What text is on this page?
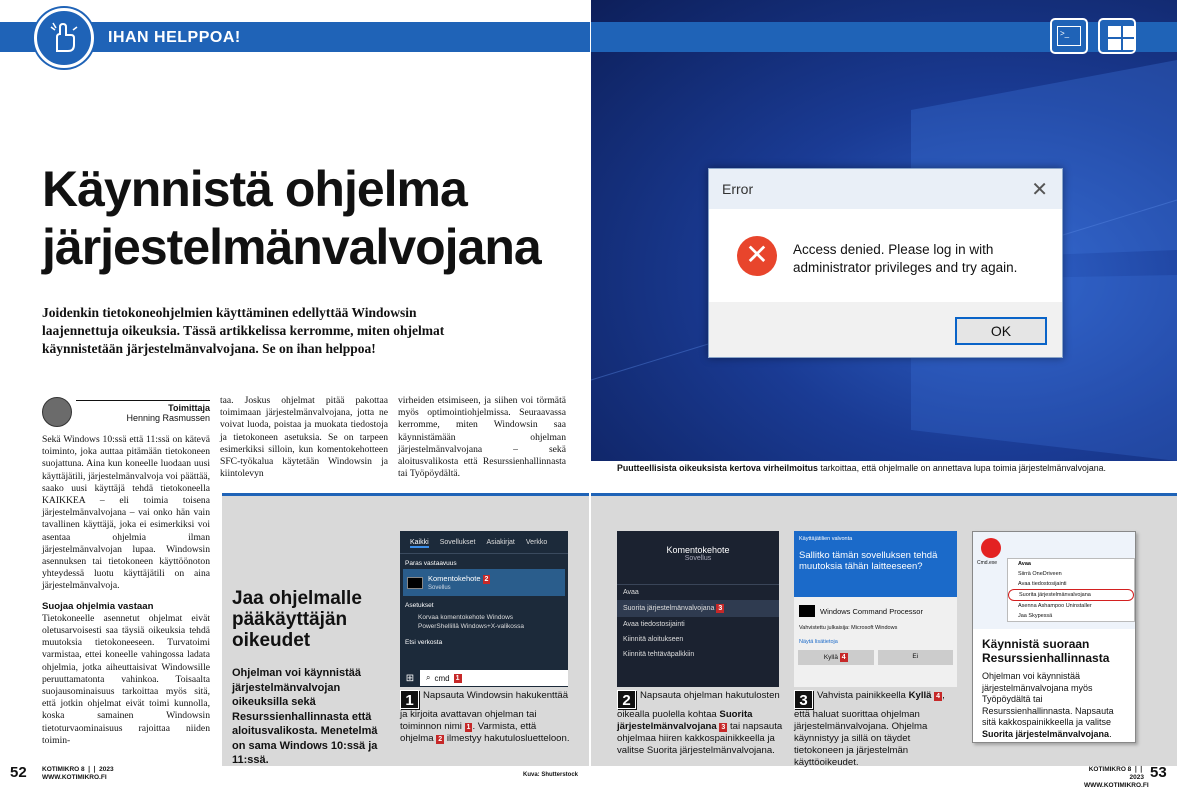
IHAN HELPPOA!
Käynnistä ohjelma
järjestelmänvalvojana
Joidenkin tietokoneohjelmien käyttäminen edellyttää Windowsin laajennettuja oikeuksia. Tässä artikkelissa kerromme, miten ohjelmat käynnistetään järjestelmänvalvojana. Se on ihan helppoa!
Toimittaja
Henning Rasmussen

Sekä Windows 10:ssä että 11:ssä on kätevä toiminto, joka auttaa pitämään tietokoneen suojattuna. Aina kun koneelle luodaan uusi käyttäjätili, järjestelmänvalvoja voi päättää, saako uusi käyttäjä tehdä tietokoneella KAIKKEA – eli toimia toisena järjestelmänvalvojana – vai onko hän vain tavallinen käyttäjä, joka ei esimerkiksi voi asentaa ohjelmia ilman järjestelmänvalvojan lupaa. Windowsin asennuksen tai tietokoneen käyttöönoton yhteydessä luotu käyttäjätili on aina järjestelmänvalvoja.

Suojaa ohjelmia vastaan

Tietokoneelle asennetut ohjelmat eivät oletusarvoisesti saa täysiä oikeuksia tehdä muutoksia tietokoneeseen. Turvatoimi varmistaa, ettei koneelle vahingossa ladata ohjelmia, jotka aiheuttaisivat Windowsille peruuttamatonta vahinkoa. Toisaalta suojausominaisuus tarkoittaa myös sitä, että jotkin ohjelmat eivät toimi kunnolla, koska samainen Windowsin tietoturvaominaisuus rajoittaa niiden toimin-

taa. Joskus ohjelmat pitää pakottaa toimimaan järjestelmänvalvojana, jotta ne voivat luoda, poistaa ja muokata tiedostoja ja tietokoneen asetuksia. Se on tarpeen esimerkiksi silloin, kun komentokehotteen SFC-työkalua käytetään Windowsin ja kiintolevyn
virheiden etsimiseen, ja siihen voi törmätä myös optimointiohjelmissa. Seuraavassa kerromme, miten Windowsin saa käynnistämään ohjelman järjestelmänvalvojana – sekä aloitusvalikosta että Resurssienhallinnasta tai Työpöydältä.
Jaa ohjelmalle pääkäyttäjän oikeudet
Ohjelman voi käynnistää järjestelmänvalvojan oikeuksilla sekä Resurssienhallinnasta että aloitusvalikosta. Menetelmä on sama Windows 10:ssä ja 11:ssä.
Kaikki Sovellukset Asiakirjat Verkko
Paras vastaavuus
Komentokehote 2
Sovellus
Asetukset
Korvaa komentokehote Windows
PowerShellillä Windows+X-valikossa
Etsi verkosta
⊞	⌕ cmd 1
1 Napsauta Windowsin hakukenttää ja kirjoita avattavan ohjelman tai toiminnon nimi 1 . Varmista, että ohjelma 2 ilmestyy hakutulosluetteloon.
52 KOTIMIKRO 8 ❘❘ 2023
WWW.KOTIMIKRO.FI	Kuva: Shutterstock
>_
Error	✕
✕	Access denied. Please log in with administrator privileges and try again.
OK
Puutteellisista oikeuksista kertova virheilmoitus tarkoittaa, että ohjelmalle on annettava lupa toimia järjestelmänvalvojana.
Komentokehote
Sovellus
Avaa
Suorita järjestelmänvalvojana 3
Avaa tiedostosijainti
Kiinnitä aloitukseen
Kiinnitä tehtäväpalkkiin
Käyttäjätilien valvonta
Sallitko tämän sovelluksen tehdä muutoksia tähän laitteeseen?
Windows Command Processor
Vahvistettu julkaisija: Microsoft Windows
Näytä lisätietoja
Kyllä 4	Ei
Cmd.exe	Avaa
Siirrä OneDriveen
Avaa tiedostosijainti
Suorita järjestelmänvalvojana
Asenna Ashampoo Uninstaller
Jaa Skypessä
Käynnistä suoraan Resurssienhallinnasta
Ohjelman voi käynnistää järjestelmänvalvojana myös Työpöydältä tai Resurssienhallinnasta. Napsauta sitä kakkospainikkeella ja valitse Suorita järjestelmänvalvojana.
2 Napsauta ohjelman hakutulosten oikealla puolella kohtaa Suorita järjestelmänvalvojana 3 tai napsauta ohjelmaa hiiren kakkospainikkeella ja valitse Suorita järjestelmänvalvojana.
3 Vahvista painikkeella Kyllä 4 , että haluat suorittaa ohjelman järjestelmänvalvojana. Ohjelma käynnistyy ja sillä on täydet tietokoneen ja järjestelmän käyttöoikeudet.
KOTIMIKRO 8 ❘❘ 2023
WWW.KOTIMIKRO.FI
53
